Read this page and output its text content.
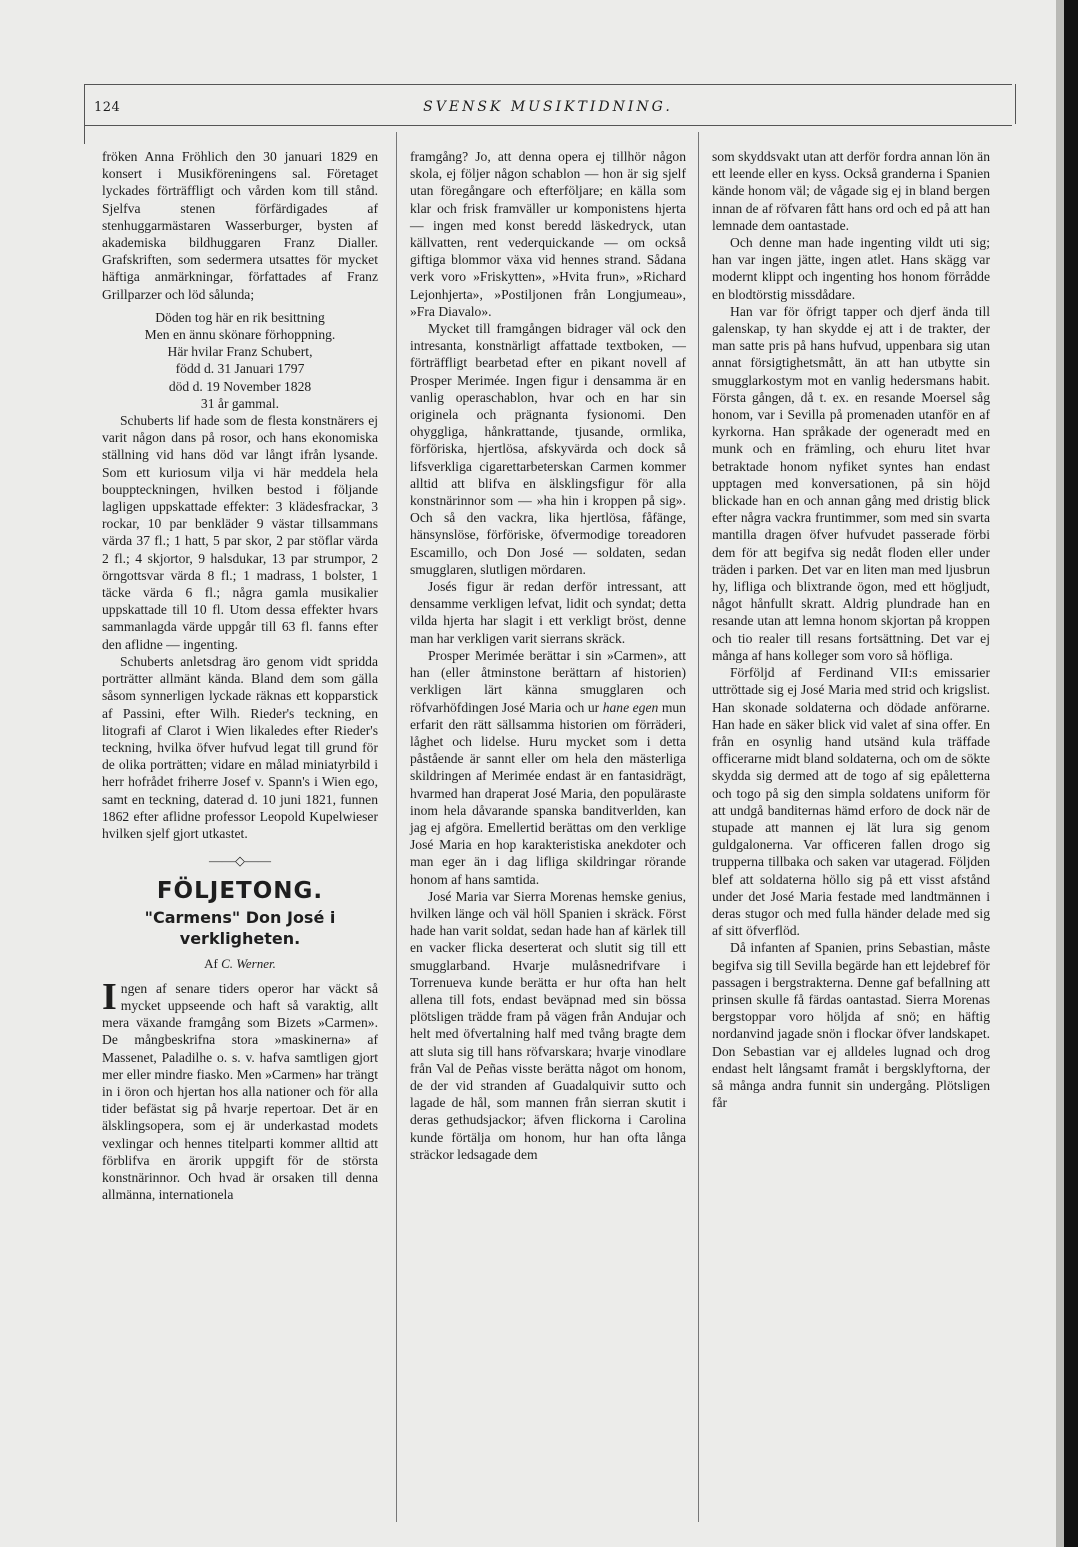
124	SVENSK MUSIKTIDNING.

fröken Anna Fröhlich den 30 januari 1829 en konsert i Musikföreningens sal. Företaget lyckades förträffligt och vården kom till stånd. Sjelfva stenen förfärdigades af stenhuggarmästaren Wasserburger, bysten af akademiska bildhuggaren Franz Dialler. Grafskriften, som sedermera utsattes för mycket häftiga anmärkningar, författades af Franz Grillparzer och löd sålunda;

Döden tog här en rik besittning
Men en ännu skönare förhoppning.
Här hvilar Franz Schubert,
född d. 31 Januari 1797
död d. 19 November 1828
31 år gammal.

Schuberts lif hade som de flesta konstnärers ej varit någon dans på rosor, och hans ekonomiska ställning vid hans död var långt ifrån lysande. Som ett kuriosum vilja vi här meddela hela bouppteckningen, hvilken bestod i följande lagligen uppskattade effekter: 3 klädesfrackar, 3 rockar, 10 par benkläder 9 västar tillsammans värda 37 fl.; 1 hatt, 5 par skor, 2 par stöflar värda 2 fl.; 4 skjortor, 9 halsdukar, 13 par strumpor, 2 örngottsvar värda 8 fl.; 1 madrass, 1 bolster, 1 täcke värda 6 fl.; några gamla musikalier uppskattade till 10 fl. Utom dessa effekter hvars sammanlagda värde uppgår till 63 fl. fanns efter den aflidne — ingenting.

Schuberts anletsdrag äro genom vidt spridda porträtter allmänt kända. Bland dem som gälla såsom synnerligen lyckade räknas ett kopparstick af Passini, efter Wilh. Rieder's teckning, en litografi af Clarot i Wien likaledes efter Rieder's teckning, hvilka öfver hufvud legat till grund för de olika porträtten; vidare en målad miniatyrbild i herr hofrådet friherre Josef v. Spann's i Wien ego, samt en teckning, daterad d. 10 juni 1821, funnen 1862 efter aflidne professor Leopold Kupelwieser hvilken sjelf gjort utkastet.

——◇——
FÖLJETONG.
"Carmens" Don José i verkligheten.
Af C. Werner.

Ingen af senare tiders operor har väckt så mycket uppseende och haft så varaktig, allt mera växande framgång som Bizets »Carmen». De mångbeskrifna stora »maskinerna» af Massenet, Paladilhe o. s. v. hafva samtligen gjort mer eller mindre fiasko. Men »Carmen» har trängt in i öron och hjertan hos alla nationer och för alla tider befästat sig på hvarje repertoar. Det är en älsklingsopera, som ej är underkastad modets vexlingar och hennes titelparti kommer alltid att förblifva en ärorik uppgift för de största konstnärinnor. Och hvad är orsaken till denna allmänna, internationela

framgång? Jo, att denna opera ej tillhör någon skola, ej följer någon schablon — hon är sig sjelf utan föregångare och efterföljare; en källa som klar och frisk framväller ur komponistens hjerta — ingen med konst beredd läskedryck, utan källvatten, rent vederquickande — om också giftiga blommor växa vid hennes strand. Sådana verk voro »Friskytten», »Hvita frun», »Richard Lejonhjerta», »Postiljonen från Longjumeau», »Fra Diavalo».

Mycket till framgången bidrager väl ock den intresanta, konstnärligt affattade textboken, — förträffligt bearbetad efter en pikant novell af Prosper Merimée. Ingen figur i densamma är en vanlig operaschablon, hvar och en har sin originela och prägnanta fysionomi. Den ohyggliga, hånkrattande, tjusande, ormlika, förföriska, hjertlösa, afskyvärda och dock så lifsverkliga cigarettarbeterskan Carmen kommer alltid att blifva en älsklingsfigur för alla konstnärinnor som — »ha hin i kroppen på sig». Och så den vackra, lika hjertlösa, fåfänge, hänsynslöse, förföriske, öfvermodige toreadoren Escamillo, och Don José — soldaten, sedan smugglaren, slutligen mördaren.

Josés figur är redan derför intressant, att densamme verkligen lefvat, lidit och syndat; detta vilda hjerta har slagit i ett verkligt bröst, denne man har verkligen varit sierrans skräck.

Prosper Merimée berättar i sin »Carmen», att han (eller åtminstone berättarn af historien) verkligen lärt känna smugglaren och röfvarhöfdingen José Maria och ur hane egen mun erfarit den rätt sällsamma historien om förräderi, låghet och lidelse. Huru mycket som i detta påstående är sannt eller om hela den mästerliga skildringen af Merimée endast är en fantasidrägt, hvarmed han draperat José Maria, den populäraste inom hela dåvarande spanska banditverlden, kan jag ej afgöra. Emellertid berättas om den verklige José Maria en hop karakteristiska anekdoter och man eger än i dag lifliga skildringar rörande honom af hans samtida.

José Maria var Sierra Morenas hemske genius, hvilken länge och väl höll Spanien i skräck. Först hade han varit soldat, sedan hade han af kärlek till en vacker flicka deserterat och slutit sig till ett smugglarband. Hvarje mulåsnedrifvare i Torrenueva kunde berätta er hur ofta han helt allena till fots, endast beväpnad med sin bössa plötsligen trädde fram på vägen från Andujar och helt med öfvertalning half med tvång bragte dem att sluta sig till hans röfvarskara; hvarje vinodlare från Val de Peñas visste berätta något om honom, de der vid stranden af Guadalquivir sutto och lagade de hål, som mannen från sierran skutit i deras gethudsjackor; äfven flickorna i Carolina kunde förtälja om honom, hur han ofta långa sträckor ledsagade dem

som skyddsvakt utan att derför fordra annan lön än ett leende eller en kyss. Också granderna i Spanien kände honom väl; de vågade sig ej in bland bergen innan de af röfvaren fått hans ord och ed på att han lemnade dem oantastade.

Och denne man hade ingenting vildt uti sig; han var ingen jätte, ingen atlet. Hans skägg var modernt klippt och ingenting hos honom förrådde en blodtörstig missdådare.

Han var för öfrigt tapper och djerf ända till galenskap, ty han skydde ej att i de trakter, der man satte pris på hans hufvud, uppenbara sig utan annat försigtighetsmått, än att han utbytte sin smugglarkostym mot en vanlig hedersmans habit. Första gången, då t. ex. en resande Moersel såg honom, var i Sevilla på promenaden utanför en af kyrkorna. Han språkade der ogeneradt med en munk och en främling, och ehuru litet hvar betraktade honom nyfiket syntes han endast upptagen med konversationen, på sin höjd blickade han en och annan gång med dristig blick efter några vackra fruntimmer, som med sin svarta mantilla dragen öfver hufvudet passerade förbi dem för att begifva sig nedåt floden eller under träden i parken. Det var en liten man med ljusbrun hy, lifliga och blixtrande ögon, med ett högljudt, något hånfullt skratt. Aldrig plundrade han en resande utan att lemna honom skjortan på kroppen och tio realer till resans fortsättning. Det var ej många af hans kolleger som voro så höfliga.

Förföljd af Ferdinand VII:s emissarier uttröttade sig ej José Maria med strid och krigslist. Han skonade soldaterna och dödade anförarne. Han hade en säker blick vid valet af sina offer. En från en osynlig hand utsänd kula träffade officerarne midt bland soldaterna, och om de sökte skydda sig dermed att de togo af sig epåletterna och togo på sig den simpla soldatens uniform för att undgå banditernas hämd erforo de dock när de stupade att mannen ej lät lura sig genom guldgalonerna. Var officeren fallen drogo sig trupperna tillbaka och saken var utagerad. Följden blef att soldaterna höllo sig på ett visst afstånd under det José Maria festade med landtmännen i deras stugor och med fulla händer delade med sig af sitt öfverflöd.

Då infanten af Spanien, prins Sebastian, måste begifva sig till Sevilla begärde han ett lejdebref för passagen i bergstrakterna. Denne gaf befallning att prinsen skulle få färdas oantastad. Sierra Morenas bergstoppar voro höljda af snö; en häftig nordanvind jagade snön i flockar öfver landskapet. Don Sebastian var ej alldeles lugnad och drog endast helt långsamt framåt i bergsklyftorna, der så många andra funnit sin undergång. Plötsligen får
